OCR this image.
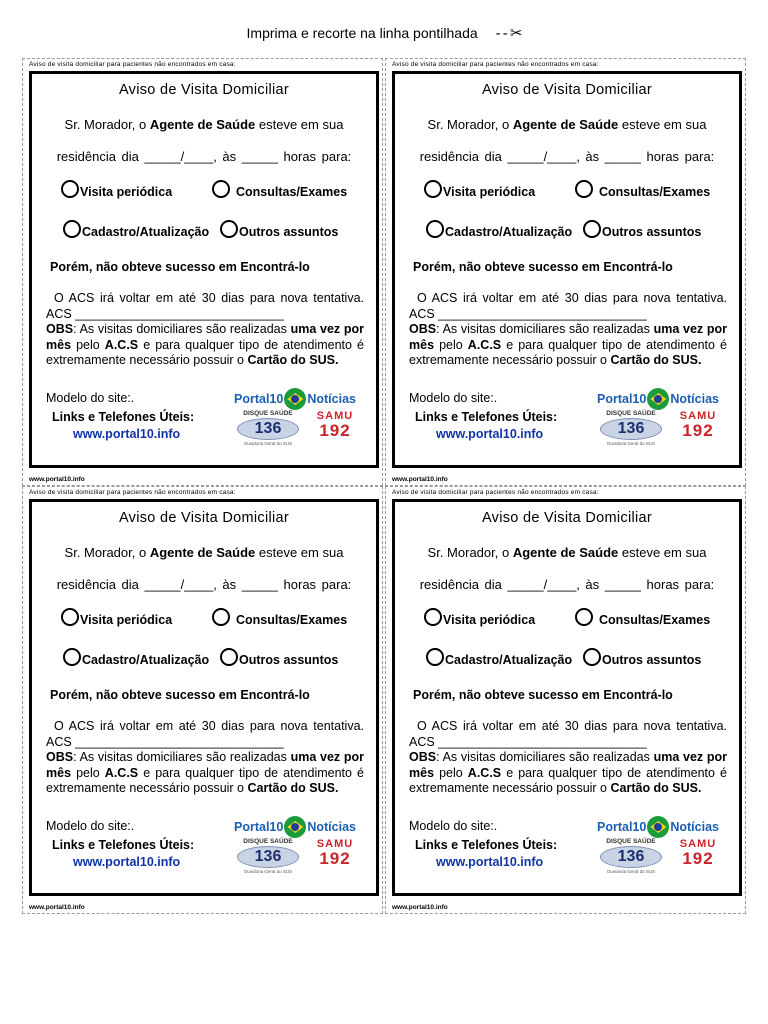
Imprima e recorte na linha pontilhada - - ✂
Aviso de visita domiciliar para pacientes não encontrados em casa:
Aviso de Visita Domiciliar
Sr. Morador, o Agente de Saúde esteve em sua
residência dia _____/____, às _____ horas para:
Visita periódica	Consultas/Exames
Cadastro/Atualização Outros assuntos
Porém, não obteve sucesso em Encontrá-lo

O ACS irá voltar em até 30 dias para nova tentativa. ACS ______________________________

OBS: As visitas domiciliares são realizadas uma vez por mês pelo A.C.S e para qualquer tipo de atendimento é extremamente necessário possuir o Cartão do SUS.

Modelo do site:.
Links e Telefones Úteis:
www.portal10.info
Portal10 Notícias
DISQUE SAÚDE
136
Ouvidoria Geral do SUS
SAMU
192
www.portal10.info
Aviso de visita domiciliar para pacientes não encontrados em casa:
Aviso de Visita Domiciliar
Sr. Morador, o Agente de Saúde esteve em sua
residência dia _____/____, às _____ horas para:
Visita periódica	Consultas/Exames
Cadastro/Atualização Outros assuntos
Porém, não obteve sucesso em Encontrá-lo

O ACS irá voltar em até 30 dias para nova tentativa. ACS ______________________________

OBS: As visitas domiciliares são realizadas uma vez por mês pelo A.C.S e para qualquer tipo de atendimento é extremamente necessário possuir o Cartão do SUS.

Modelo do site:.
Links e Telefones Úteis:
www.portal10.info
Portal10 Notícias
DISQUE SAÚDE
136
Ouvidoria Geral do SUS
SAMU
192
www.portal10.info
Aviso de visita domiciliar para pacientes não encontrados em casa:
Aviso de Visita Domiciliar
Sr. Morador, o Agente de Saúde esteve em sua
residência dia _____/____, às _____ horas para:
Visita periódica	Consultas/Exames
Cadastro/Atualização Outros assuntos
Porém, não obteve sucesso em Encontrá-lo

O ACS irá voltar em até 30 dias para nova tentativa. ACS ______________________________

OBS: As visitas domiciliares são realizadas uma vez por mês pelo A.C.S e para qualquer tipo de atendimento é extremamente necessário possuir o Cartão do SUS.

Modelo do site:.
Links e Telefones Úteis:
www.portal10.info
Portal10 Notícias
DISQUE SAÚDE
136
Ouvidoria Geral do SUS
SAMU
192
www.portal10.info
Aviso de visita domiciliar para pacientes não encontrados em casa:
Aviso de Visita Domiciliar
Sr. Morador, o Agente de Saúde esteve em sua
residência dia _____/____, às _____ horas para:
Visita periódica	Consultas/Exames
Cadastro/Atualização Outros assuntos
Porém, não obteve sucesso em Encontrá-lo

O ACS irá voltar em até 30 dias para nova tentativa. ACS ______________________________

OBS: As visitas domiciliares são realizadas uma vez por mês pelo A.C.S e para qualquer tipo de atendimento é extremamente necessário possuir o Cartão do SUS.

Modelo do site:.
Links e Telefones Úteis:
www.portal10.info
Portal10 Notícias
DISQUE SAÚDE
136
Ouvidoria Geral do SUS
SAMU
192
www.portal10.info
